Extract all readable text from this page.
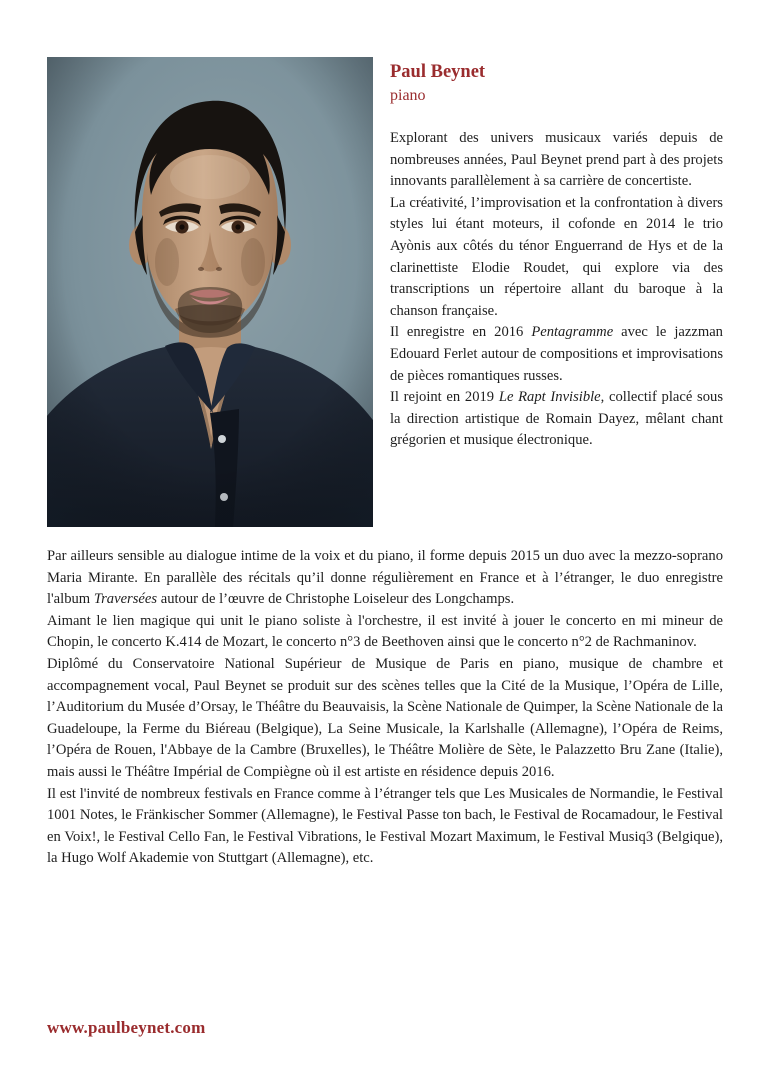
Paul Beynet
piano

Explorant des univers musicaux variés depuis de nombreuses années, Paul Beynet prend part à des projets innovants parallèlement à sa carrière de concertiste.

La créativité, l’improvisation et la confrontation à divers styles lui étant moteurs, il cofonde en 2014 le trio Ayònis aux côtés du ténor Enguerrand de Hys et de la clarinettiste Elodie Roudet, qui explore via des transcriptions un répertoire allant du baroque à la chanson française.

Il enregistre en 2016 Pentagramme avec le jazzman Edouard Ferlet autour de compositions et improvisations de pièces romantiques russes.

Il rejoint en 2019 Le Rapt Invisible, collectif placé sous la direction artistique de Romain Dayez, mêlant chant grégorien et musique électronique.

Par ailleurs sensible au dialogue intime de la voix et du piano, il forme depuis 2015 un duo avec la mezzo-soprano Maria Mirante. En parallèle des récitals qu’il donne régulièrement en France et à l’étranger, le duo enregistre l'album Traversées autour de l’œuvre de Christophe Loiseleur des Longchamps.

Aimant le lien magique qui unit le piano soliste à l'orchestre, il est invité à jouer le concerto en mi mineur de Chopin, le concerto K.414 de Mozart, le concerto n°3 de Beethoven ainsi que le concerto n°2 de Rachmaninov.

Diplômé du Conservatoire National Supérieur de Musique de Paris en piano, musique de chambre et accompagnement vocal, Paul Beynet se produit sur des scènes telles que la Cité de la Musique, l’Opéra de Lille, l’Auditorium du Musée d’Orsay, le Théâtre du Beauvaisis, la Scène Nationale de Quimper, la Scène Nationale de la Guadeloupe, la Ferme du Biéreau (Belgique), La Seine Musicale, la Karlshalle (Allemagne), l’Opéra de Reims, l’Opéra de Rouen, l'Abbaye de la Cambre (Bruxelles), le Théâtre Molière de Sète, le Palazzetto Bru Zane (Italie), mais aussi le Théâtre Impérial de Compiègne où il est artiste en résidence depuis 2016.

Il est l'invité de nombreux festivals en France comme à l’étranger tels que Les Musicales de Normandie, le Festival 1001 Notes, le Fränkischer Sommer (Allemagne), le Festival Passe ton bach, le Festival de Rocamadour, le Festival en Voix!, le Festival Cello Fan, le Festival Vibrations, le Festival Mozart Maximum, le Festival Musiq3 (Belgique), la Hugo Wolf Akademie von Stuttgart (Allemagne), etc.

www.paulbeynet.com
